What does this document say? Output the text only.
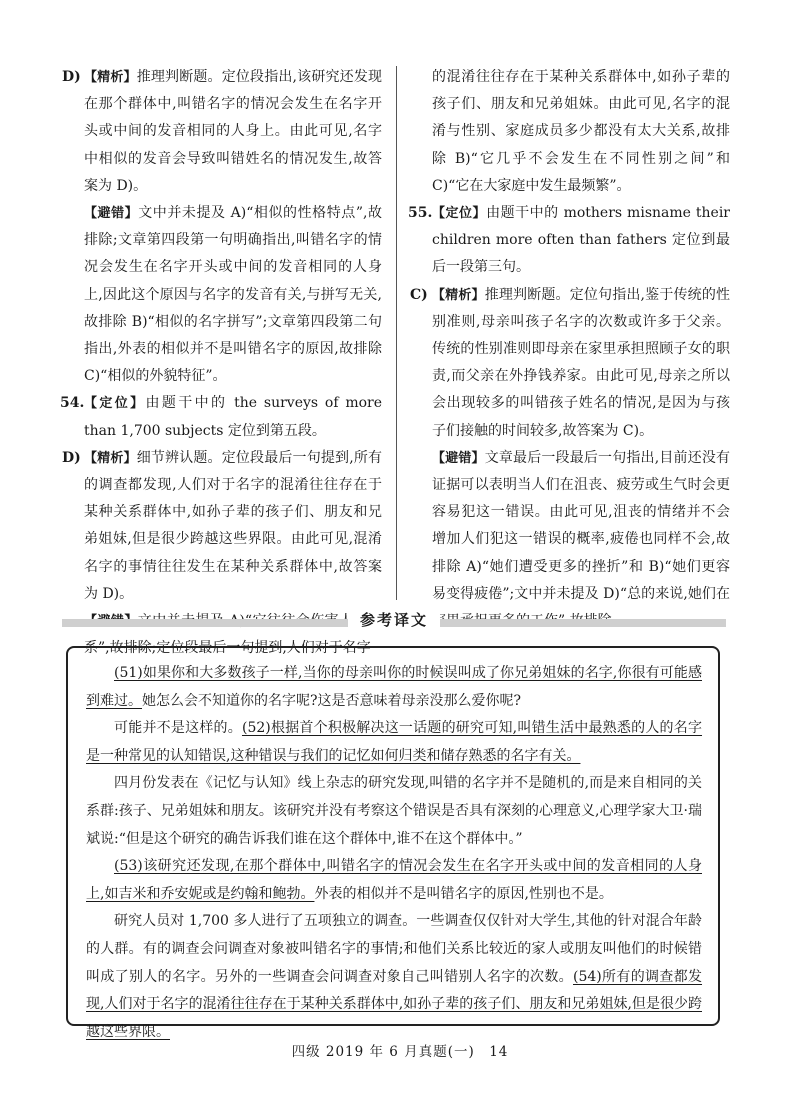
D) 【精析】推理判断题。定位段指出,该研究还发现在那个群体中,叫错名字的情况会发生在名字开头或中间的发音相同的人身上。由此可见,名字中相似的发音会导致叫错姓名的情况发生,故答案为 D)。

【避错】文中并未提及 A)“相似的性格特点”,故排除;文章第四段第一句明确指出,叫错名字的情况会发生在名字开头或中间的发音相同的人身上,因此这个原因与名字的发音有关,与拼写无关,故排除 B)“相似的名字拼写”;文章第四段第二句指出,外表的相似并不是叫错名字的原因,故排除 C)“相似的外貌特征”。

54. 【定位】由题干中的 the surveys of more than 1,700 subjects 定位到第五段。

D) 【精析】细节辨认题。定位段最后一句提到,所有的调查都发现,人们对于名字的混淆往往存在于某种关系群体中,如孙子辈的孩子们、朋友和兄弟姐妹,但是很少跨越这些界限。由此可见,混淆名字的事情往往发生在某种关系群体中,故答案为 D)。

系”,故排除;定位段最后一句提到,人们对于名字

的混淆往往存在于某种关系群体中,如孙子辈的孩子们、朋友和兄弟姐妹。由此可见,名字的混淆与性别、家庭成员多少都没有太大关系,故排除 B)“它几乎不会发生在不同性别之间”和 C)“它在大家庭中发生最频繁”。

55. 【定位】由题干中的 mothers misname their children more often than fathers 定位到最后一段第三句。

C) 【精析】推理判断题。定位句指出,鉴于传统的性别准则,母亲叫孩子名字的次数或许多于父亲。传统的性别准则即母亲在家里承担照顾子女的职责,而父亲在外挣钱养家。由此可见,母亲之所以会出现较多的叫错孩子姓名的情况,是因为与孩子们接触的时间较多,故答案为 C)。

【避错】文章最后一段最后一句指出,目前还没有证据可以表明当人们在沮丧、疲劳或生气时会更容易犯这一错误。由此可见,沮丧的情绪并不会增加人们犯这一错误的概率,疲倦也同样不会,故排除 A)“她们遭受更多的挫折”和 B)“她们更容易变得疲倦”;文中并未提及 D)“总的来说,她们在

参考译文

(51)如果你和大多数孩子一样,当你的母亲叫你的时候误叫成了你兄弟姐妹的名字,你很有可能感到难过。她怎么会不知道你的名字呢?这是否意味着母亲没那么爱你呢?

可能并不是这样的。(52)根据首个积极解决这一话题的研究可知,叫错生活中最熟悉的人的名字是一种常见的认知错误,这种错误与我们的记忆如何归类和储存熟悉的名字有关。

四月份发表在《记忆与认知》线上杂志的研究发现,叫错的名字并不是随机的,而是来自相同的关系群:孩子、兄弟姐妹和朋友。该研究并没有考察这个错误是否具有深刻的心理意义,心理学家大卫·瑞斌说:“但是这个研究的确告诉我们谁在这个群体中,谁不在这个群体中。”

(53)该研究还发现,在那个群体中,叫错名字的情况会发生在名字开头或中间的发音相同的人身上,如吉米和乔安妮或是约翰和鲍勃。外表的相似并不是叫错名字的原因,性别也不是。

研究人员对 1,700 多人进行了五项独立的调查。一些调查仅仅针对大学生,其他的针对混合年龄的人群。有的调查会问调查对象被叫错名字的事情;和他们关系比较近的家人或朋友叫他们的时候错叫成了别人的名字。另外的一些调查会问调查对象自己叫错别人名字的次数。(54)所有的调查都发现,人们对于名字的混淆往往存在于某种关系群体中,如孙子辈的孩子们、朋友和兄弟姐妹,但是很少跨越这些界限。

四级 2019 年 6 月真题(一)　14
